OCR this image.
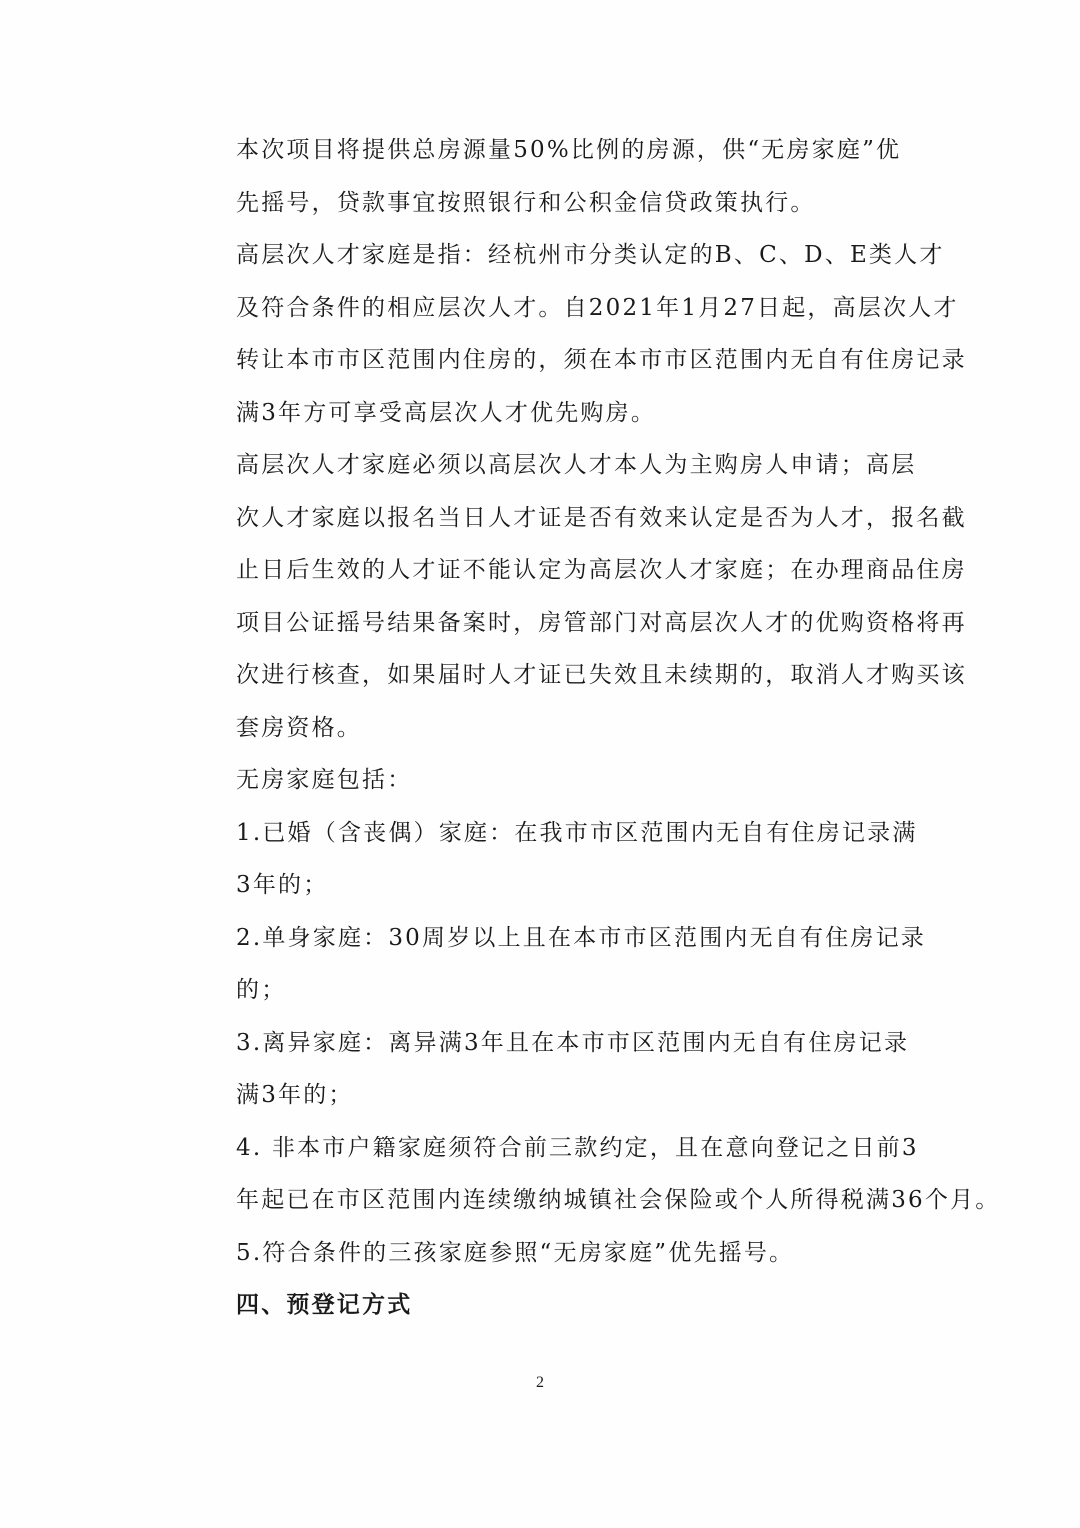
本次项目将提供总房源量50%比例的房源，供“无房家庭”优
先摇号，贷款事宜按照银行和公积金信贷政策执行。

高层次人才家庭是指：经杭州市分类认定的B、C、D、E类人才
及符合条件的相应层次人才。自2021年1月27日起，高层次人才
转让本市市区范围内住房的，须在本市市区范围内无自有住房记录
满3年方可享受高层次人才优先购房。

高层次人才家庭必须以高层次人才本人为主购房人申请；高层
次人才家庭以报名当日人才证是否有效来认定是否为人才，报名截
止日后生效的人才证不能认定为高层次人才家庭；在办理商品住房
项目公证摇号结果备案时，房管部门对高层次人才的优购资格将再
次进行核查，如果届时人才证已失效且未续期的，取消人才购买该
套房资格。

无房家庭包括：

1.已婚（含丧偶）家庭：在我市市区范围内无自有住房记录满
3年的；

2.单身家庭：30周岁以上且在本市市区范围内无自有住房记录
的；

3.离异家庭：离异满3年且在本市市区范围内无自有住房记录
满3年的；

4. 非本市户籍家庭须符合前三款约定，且在意向登记之日前3
年起已在市区范围内连续缴纳城镇社会保险或个人所得税满36个月。

5.符合条件的三孩家庭参照“无房家庭”优先摇号。

四、预登记方式

2
